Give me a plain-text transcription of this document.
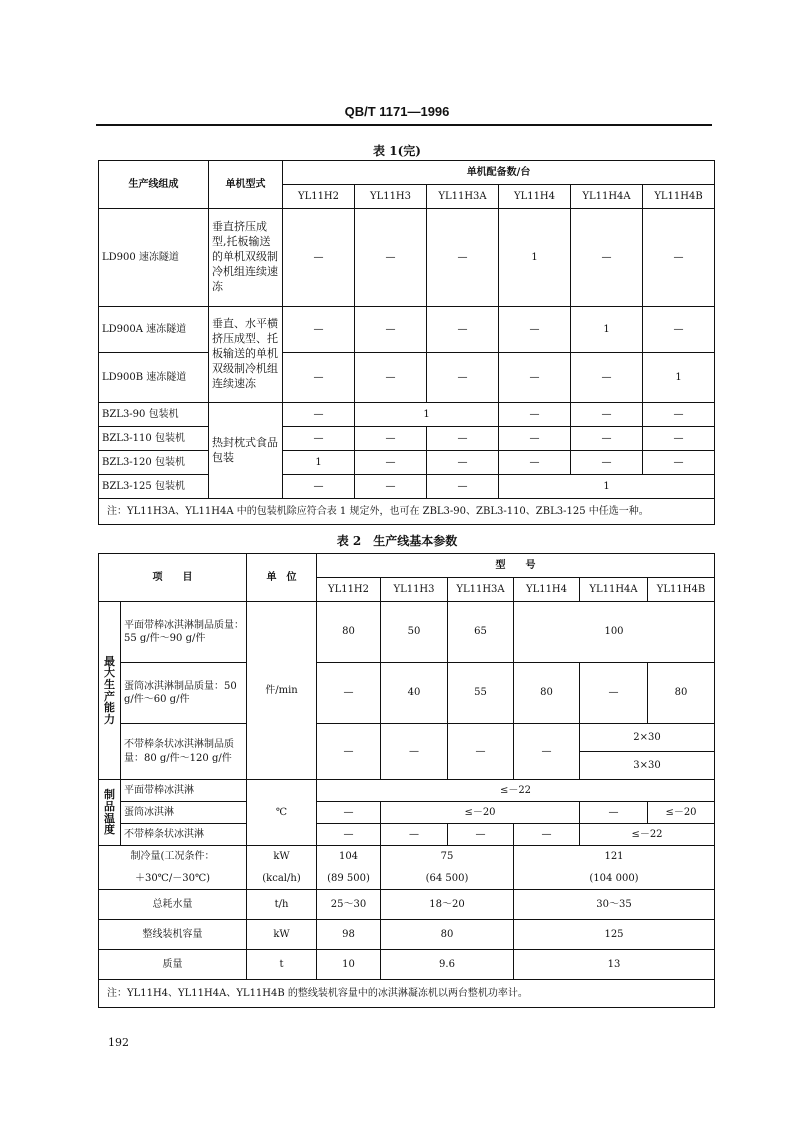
QB/T 1171—1996
表 1(完)
生产线组成	单机型式	单机配备数/台					
		YL11H2	YL11H3	YL11H3A	YL11H4	YL11H4A	YL11H4B
LD900 速冻隧道	垂直挤压成型,托板输送的单机双级制冷机组连续速冻	—	—	—	1	—	—
LD900A 速冻隧道	垂直、水平横挤压成型、托板输送的单机双级制冷机组连续速冻	—	—	—	—	1	—
LD900B 速冻隧道		—	—	—	—	—	1
BZL3-90 包装机	热封枕式食品包装	—	1		—	—	—
BZL3-110 包装机		—	—	—	—	—	—
BZL3-120 包装机		1	—	—	—	—	—
BZL3-125 包装机		—	—	—	1		
注：YL11H3A、YL11H4A 中的包装机除应符合表 1 规定外，也可在 ZBL3-90、ZBL3-110、ZBL3-125 中任选一种。							
表 2　生产线基本参数
项　　目		单　位	型　　号					
			YL11H2	YL11H3	YL11H3A	YL11H4	YL11H4A	YL11H4B
最大生产能力	平面带棒冰淇淋制品质量：55 g/件～90 g/件	件/min	80	50	65	100		
	蛋筒冰淇淋制品质量：50 g/件～60 g/件		—	40	55	80	—	80
	不带棒条状冰淇淋制品质量：80 g/件～120 g/件		—	—	—	—	2×30	
							3×30	
制品温度	平面带棒冰淇淋	℃	≤－22					
	蛋筒冰淇淋		—	≤－20			—	≤－20
	不带棒条状冰淇淋		—	—	—	—	≤－22	
制冷量(工况条件：		kW	104	75		121		
＋30℃/－30℃)		(kcal/h)	(89 500)	(64 500)		(104 000)		
总耗水量		t/h	25～30	18～20		30～35		
整线装机容量		kW	98	80		125		
质量		t	10	9.6		13		
注：YL11H4、YL11H4A、YL11H4B 的整线装机容量中的冰淇淋凝冻机以两台整机功率计。								
192
